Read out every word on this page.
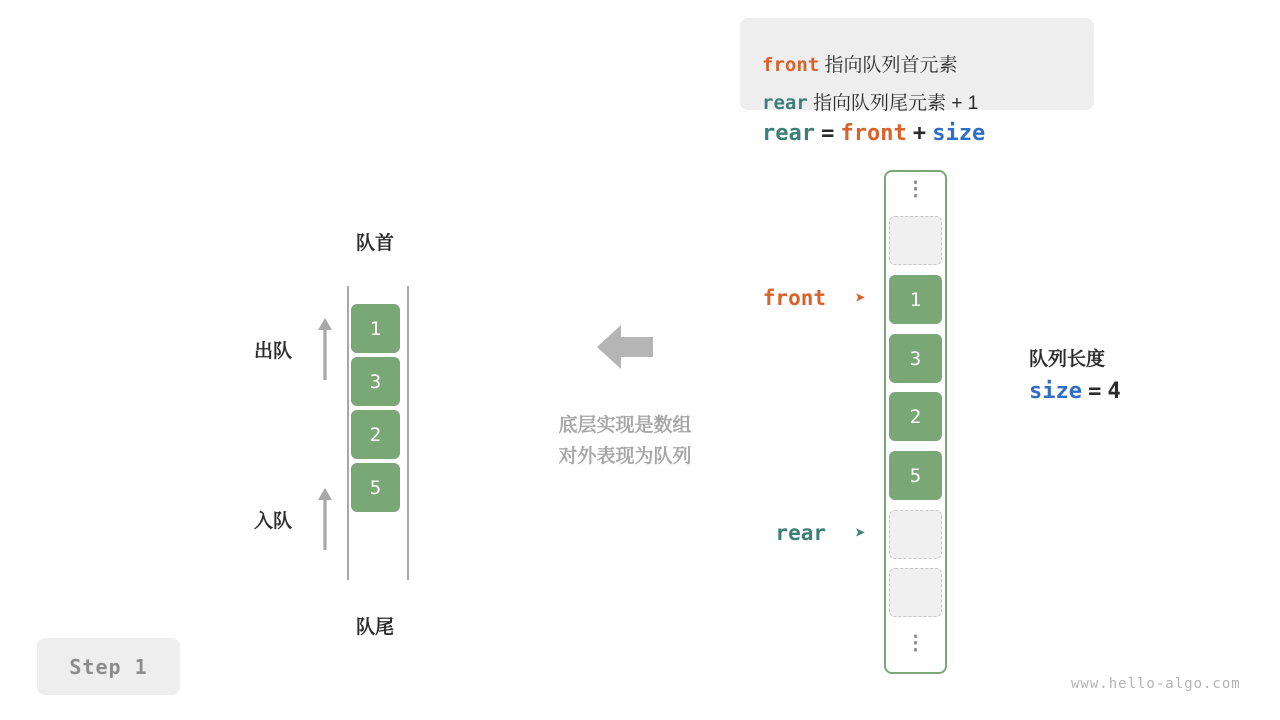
Step 1
队首
队尾
1
3
2
5
出队
入队
底层实现是数组
对外表现为队列
front 指向队列首元素
rear 指向队列尾元素 + 1
rear = front + size
⋮
1
3
2
5
⋮
front ➤
rear ➤
队列长度
size = 4
www.hello-algo.com
